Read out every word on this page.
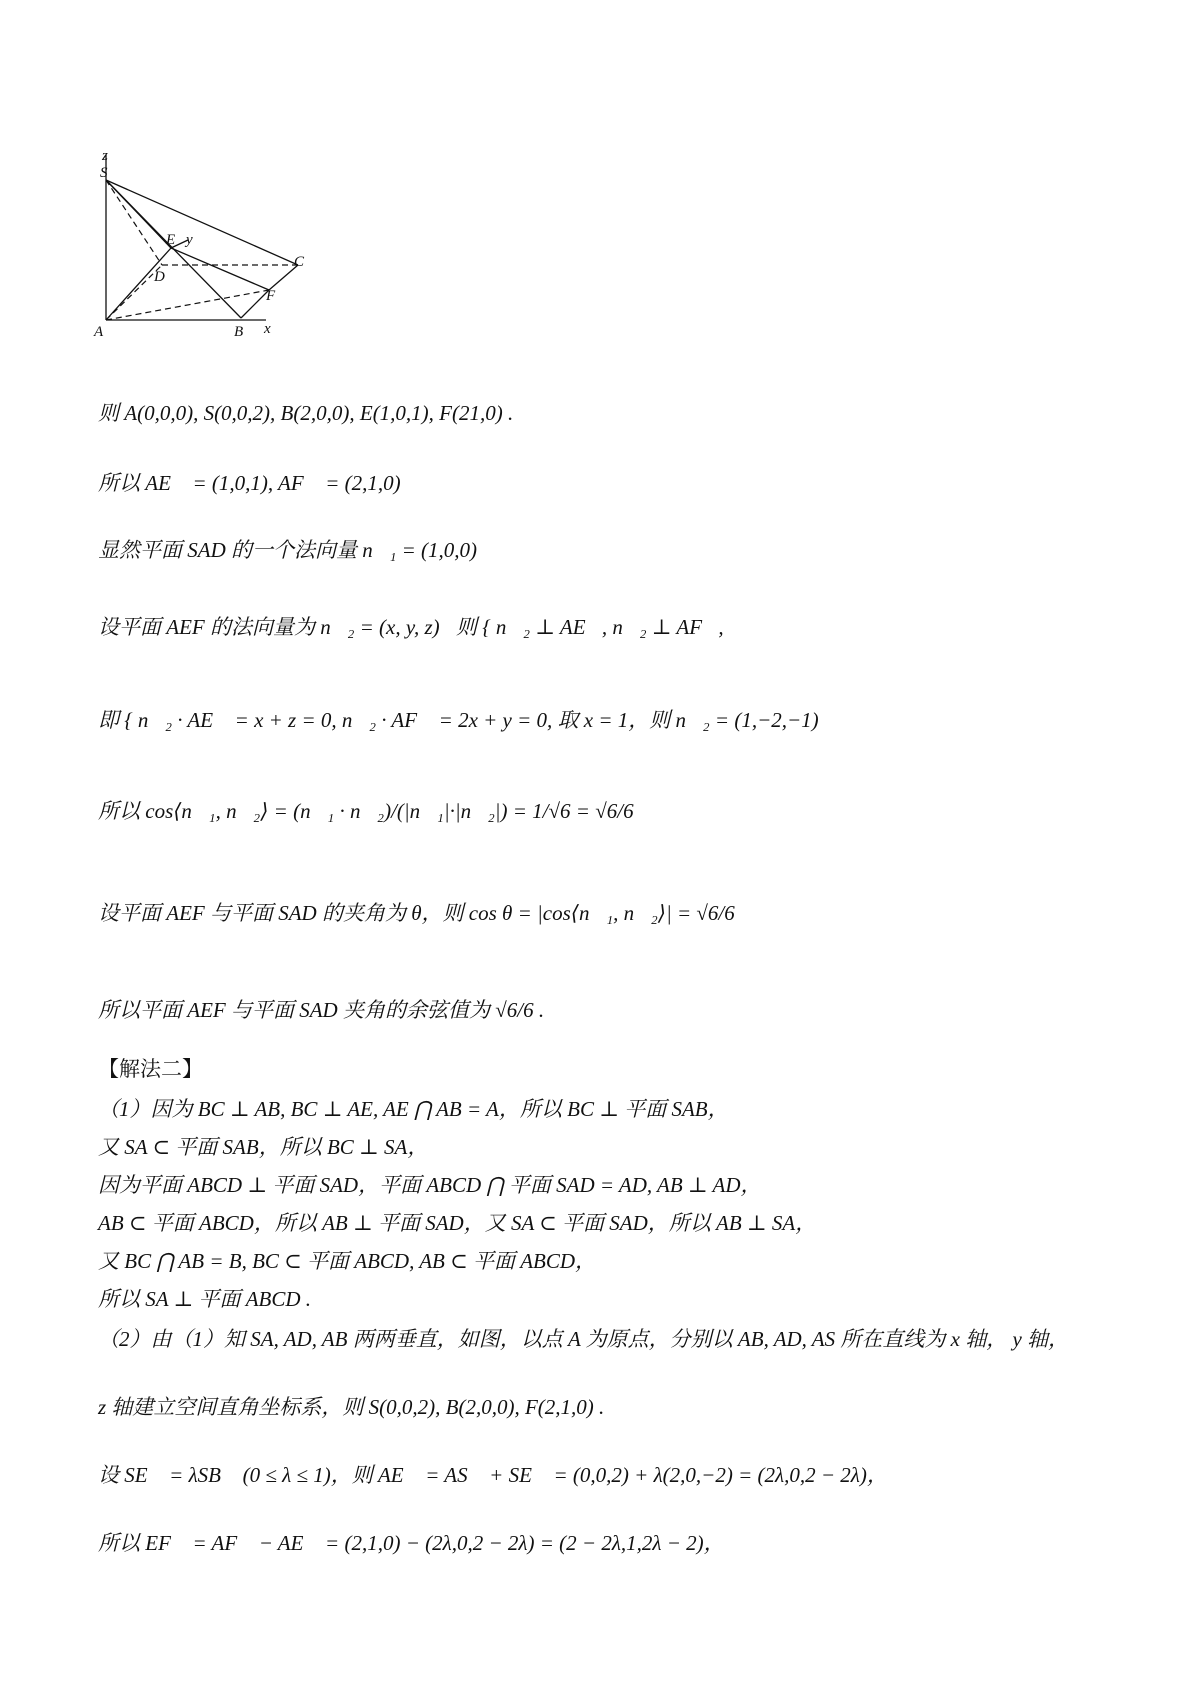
z
S
E y
D
C
F
A	B x
则 A(0,0,0), S(0,0,2), B(2,0,0), E(1,0,1), F(21,0) .
所以 AE⃗ = (1,0,1), AF⃗ = (2,1,0)，
显然平面 SAD 的一个法向量 n⃗₁ = (1,0,0)，
设平面 AEF 的法向量为 n⃗₂ = (x, y, z)，则 { n⃗₂ ⊥ AE⃗, n⃗₂ ⊥ AF⃗,
即 { n⃗₂ · AE⃗ = x + z = 0, n⃗₂ · AF⃗ = 2x + y = 0, 取 x = 1，则 n⃗₂ = (1,−2,−1)，
所以 cos⟨n⃗₁, n⃗₂⟩ = (n⃗₁ · n⃗₂)/(|n⃗₁|·|n⃗₂|) = 1/√6 = √6/6，
设平面 AEF 与平面 SAD 的夹角为 θ，则 cos θ = |cos⟨n⃗₁, n⃗₂⟩| = √6/6，
所以平面 AEF 与平面 SAD 夹角的余弦值为 √6/6 .
【解法二】
（1）因为 BC ⊥ AB, BC ⊥ AE, AE ⋂ AB = A，所以 BC ⊥ 平面 SAB，
又 SA ⊂ 平面 SAB，所以 BC ⊥ SA，
因为平面 ABCD ⊥ 平面 SAD，平面 ABCD ⋂ 平面 SAD = AD, AB ⊥ AD，
AB ⊂ 平面 ABCD，所以 AB ⊥ 平面 SAD，又 SA ⊂ 平面 SAD，所以 AB ⊥ SA，
又 BC ⋂ AB = B, BC ⊂ 平面 ABCD, AB ⊂ 平面 ABCD，
所以 SA ⊥ 平面 ABCD .
（2）由（1）知 SA, AD, AB 两两垂直，如图，以点 A 为原点，分别以 AB, AD, AS 所在直线为 x 轴， y 轴，
z 轴建立空间直角坐标系，则 S(0,0,2), B(2,0,0), F(2,1,0) .
设 SE⃗ = λSB⃗ (0 ≤ λ ≤ 1)，则 AE⃗ = AS⃗ + SE⃗ = (0,0,2) + λ(2,0,−2) = (2λ,0,2 − 2λ)，
所以 EF⃗ = AF⃗ − AE⃗ = (2,1,0) − (2λ,0,2 − 2λ) = (2 − 2λ,1,2λ − 2)，
